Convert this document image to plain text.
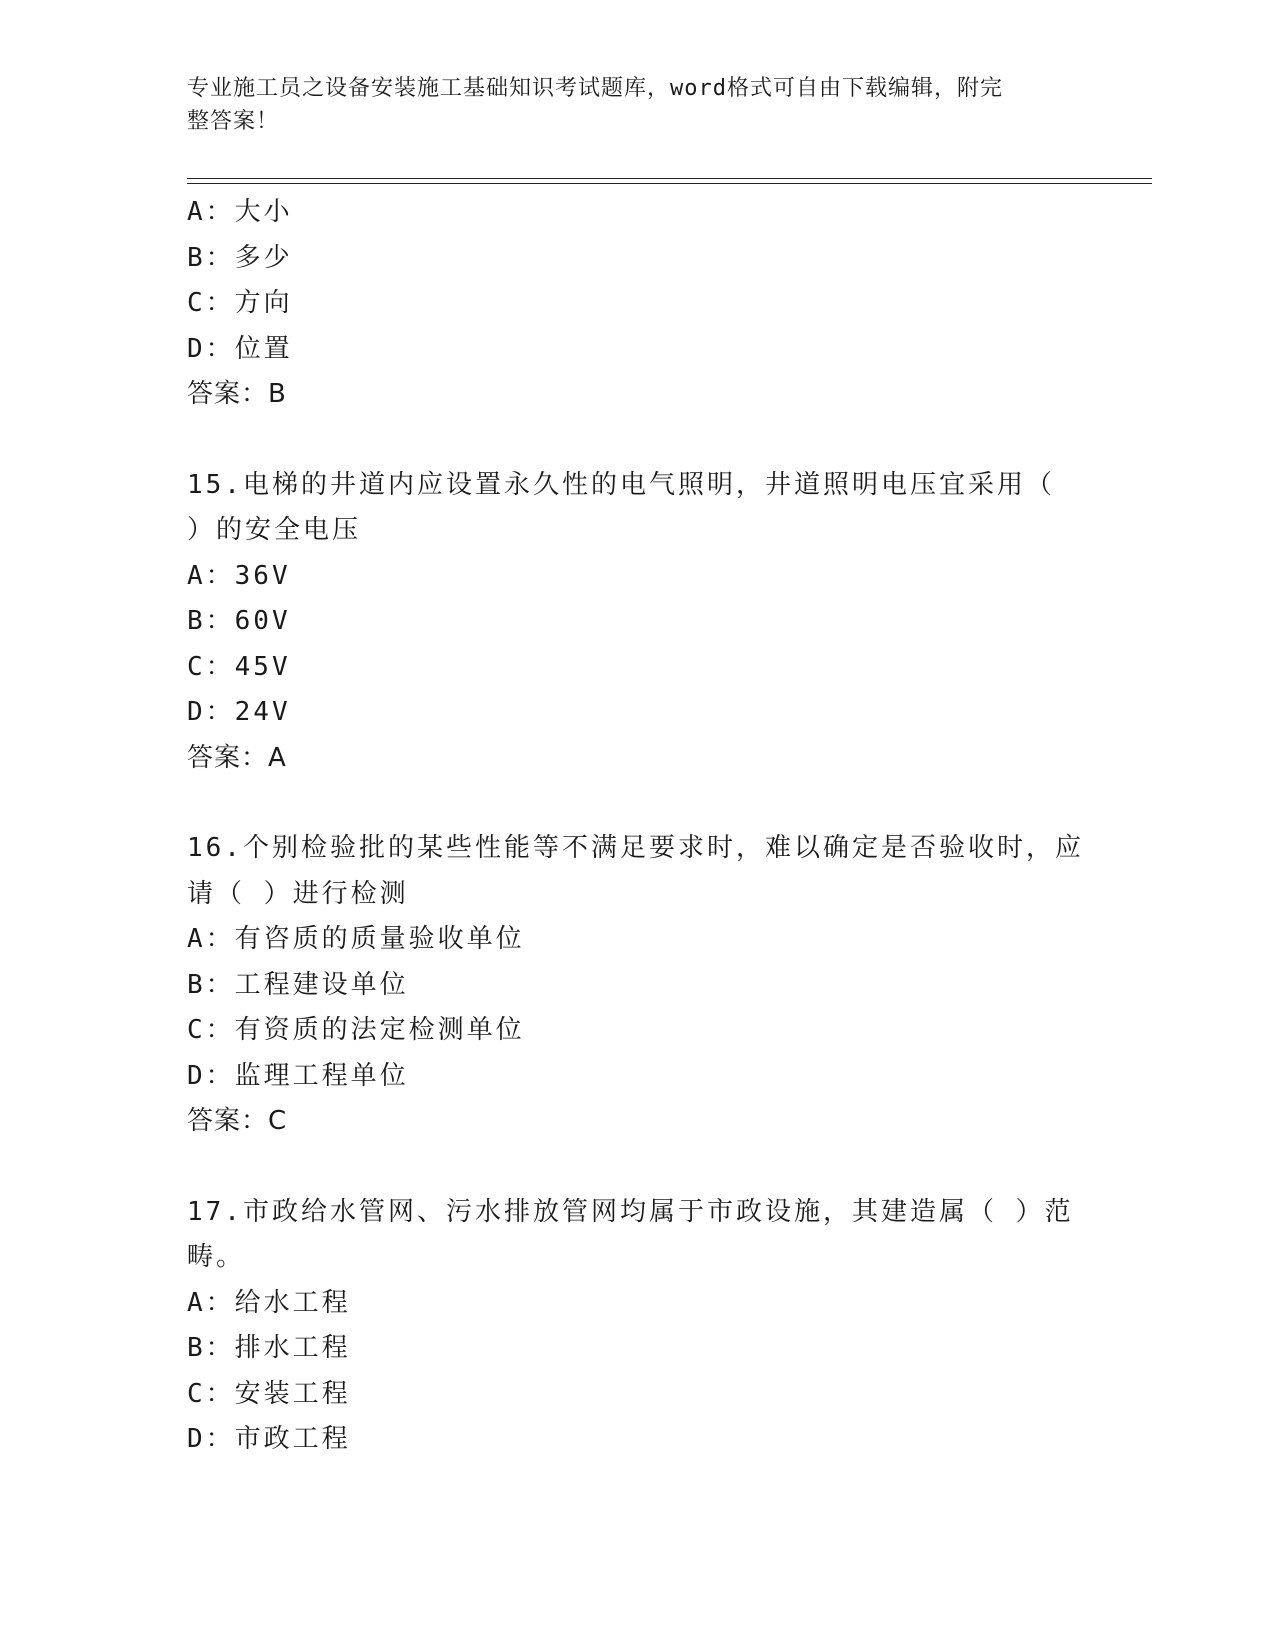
专业施工员之设备安装施工基础知识考试题库，word格式可自由下载编辑，附完
整答案！
A：大小
B：多少
C：方向
D：位置
答案：B
15.电梯的井道内应设置永久性的电气照明，井道照明电压宜采用（
）的安全电压
A：36V
B：60V
C：45V
D：24V
答案：A
16.个别检验批的某些性能等不满足要求时，难以确定是否验收时，应
请（ ）进行检测
A：有咨质的质量验收单位
B：工程建设单位
C：有资质的法定检测单位
D：监理工程单位
答案：C
17.市政给水管网、污水排放管网均属于市政设施，其建造属（ ）范
畴。
A：给水工程
B：排水工程
C：安装工程
D：市政工程
